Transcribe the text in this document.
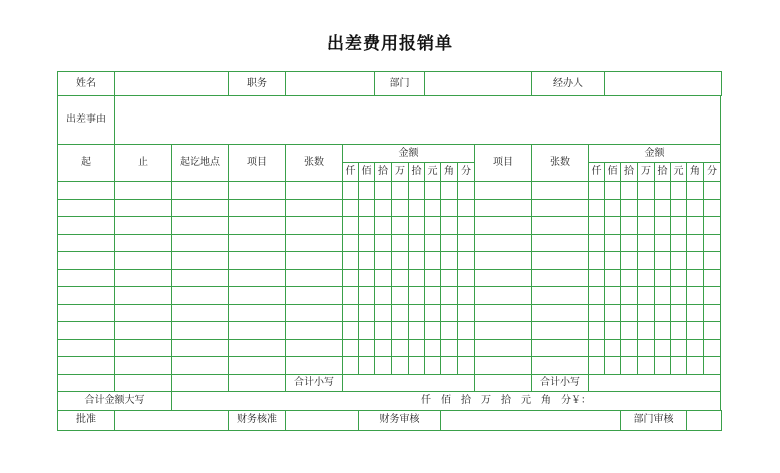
出差费用报销单
姓名			职务				部门							经办人								
出差事由																						
起	止	起讫地点	项目	张数	金额								项目	张数	金额							
					仟	佰	拾	万	拾	元	角	分			仟	佰	拾	万	拾	元	角	分

				合计小写										合计小写								
合计金额大写		仟　佰　拾　万　拾　元　角　分￥：																				
批准			财务核准			财务审核											部门审核					
